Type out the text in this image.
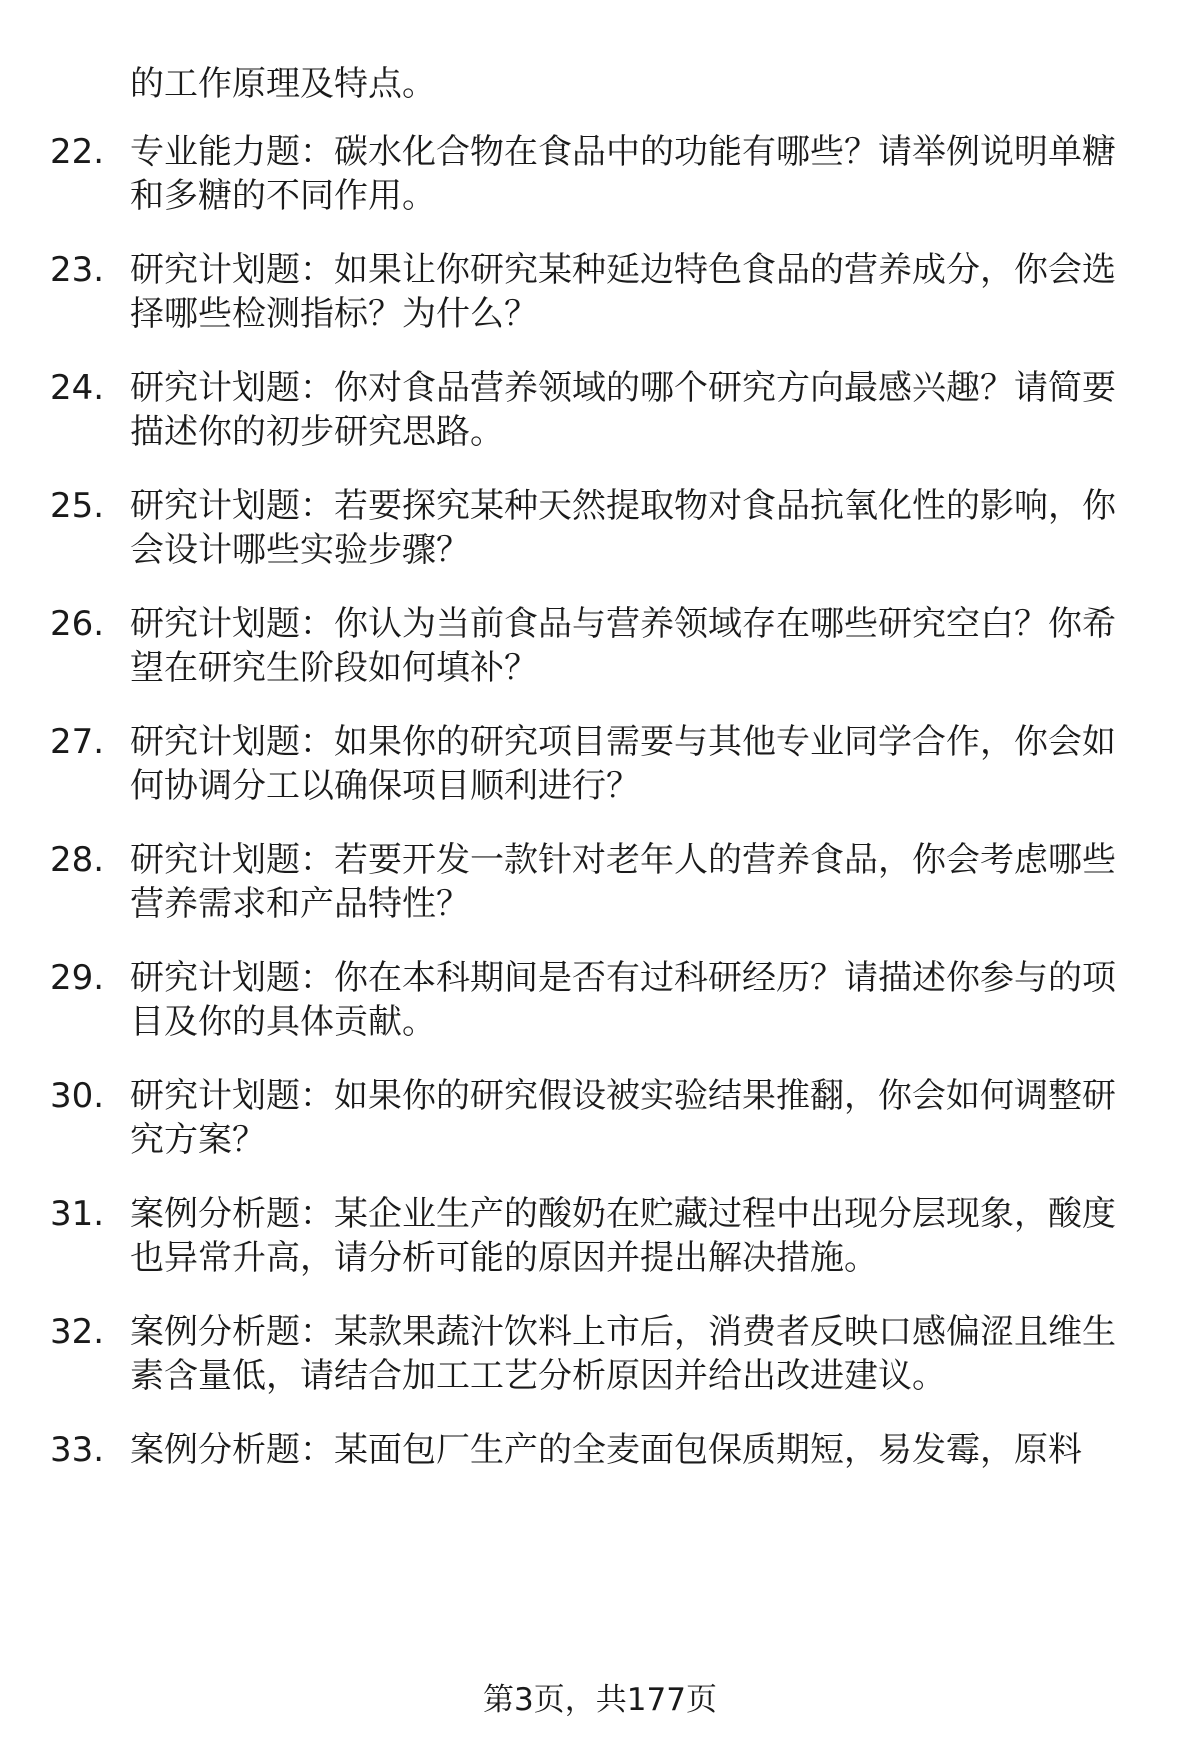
的工作原理及特点。
22. 专业能力题：碳水化合物在食品中的功能有哪些？请举例说明单糖和多糖的不同作用。
23. 研究计划题：如果让你研究某种延边特色食品的营养成分，你会选择哪些检测指标？为什么？
24. 研究计划题：你对食品营养领域的哪个研究方向最感兴趣？请简要描述你的初步研究思路。
25. 研究计划题：若要探究某种天然提取物对食品抗氧化性的影响，你会设计哪些实验步骤？
26. 研究计划题：你认为当前食品与营养领域存在哪些研究空白？你希望在研究生阶段如何填补？
27. 研究计划题：如果你的研究项目需要与其他专业同学合作，你会如何协调分工以确保项目顺利进行？
28. 研究计划题：若要开发一款针对老年人的营养食品，你会考虑哪些营养需求和产品特性？
29. 研究计划题：你在本科期间是否有过科研经历？请描述你参与的项目及你的具体贡献。
30. 研究计划题：如果你的研究假设被实验结果推翻，你会如何调整研究方案？
31. 案例分析题：某企业生产的酸奶在贮藏过程中出现分层现象，酸度也异常升高，请分析可能的原因并提出解决措施。
32. 案例分析题：某款果蔬汁饮料上市后，消费者反映口感偏涩且维生素含量低，请结合加工工艺分析原因并给出改进建议。
33. 案例分析题：某面包厂生产的全麦面包保质期短，易发霉，原料
第3页，共177页
